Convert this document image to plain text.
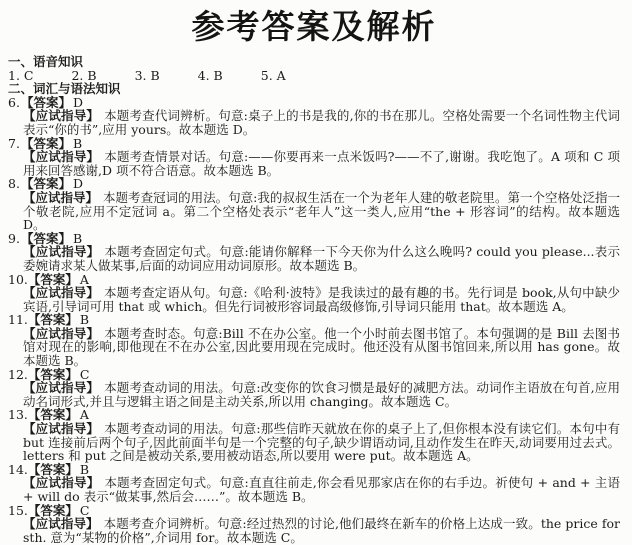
参考答案及解析
一、语音知识
1. C	2. B	3. B	4. B	5. A
二、词汇与语法知识
6.【答案】 D
【应试指导】 本题考查代词辨析。句意:桌子上的书是我的,你的书在那儿。空格处需要一个名词性物主代词表示“你的书”,应用 yours。故本题选 D。
7.【答案】 B
【应试指导】 本题考查情景对话。句意:——你要再来一点米饭吗?——不了,谢谢。我吃饱了。A 项和 C 项用来回答感谢,D 项不符合语意。故本题选 B。
8.【答案】 D
【应试指导】 本题考查冠词的用法。句意:我的叔叔生活在一个为老年人建的敬老院里。第一个空格处泛指一个敬老院,应用不定冠词 a。第二个空格处表示“老年人”这一类人,应用“the + 形容词”的结构。故本题选 D。
9.【答案】 B
【应试指导】 本题考查固定句式。句意:能请你解释一下今天你为什么这么晚吗? could you please...表示委婉请求某人做某事,后面的动词应用动词原形。故本题选 B。
10.【答案】 A
【应试指导】 本题考查定语从句。句意:《哈利·波特》是我读过的最有趣的书。先行词是 book,从句中缺少宾语,引导词可用 that 或 which。但先行词被形容词最高级修饰,引导词只能用 that。故本题选 A。
11.【答案】 B
【应试指导】 本题考查时态。句意:Bill 不在办公室。他一个小时前去图书馆了。本句强调的是 Bill 去图书馆对现在的影响,即他现在不在办公室,因此要用现在完成时。他还没有从图书馆回来,所以用 has gone。故本题选 B。
12.【答案】 C
【应试指导】 本题考查动词的用法。句意:改变你的饮食习惯是最好的减肥方法。动词作主语放在句首,应用动名词形式,并且与逻辑主语之间是主动关系,所以用 changing。故本题选 C。
13.【答案】 A
【应试指导】 本题考查动词的用法。句意:那些信昨天就放在你的桌子上了,但你根本没有读它们。本句中有 but 连接前后两个句子,因此前面半句是一个完整的句子,缺少谓语动词,且动作发生在昨天,动词要用过去式。letters 和 put 之间是被动关系,要用被动语态,所以要用 were put。故本题选 A。
14.【答案】 B
【应试指导】 本题考查固定句式。句意:直直往前走,你会看见那家店在你的右手边。祈使句 + and + 主语 + will do 表示“做某事,然后会……”。故本题选 B。
15.【答案】 C
【应试指导】 本题考查介词辨析。句意:经过热烈的讨论,他们最终在新车的价格上达成一致。the price for sth. 意为“某物的价格”,介词用 for。故本题选 C。
